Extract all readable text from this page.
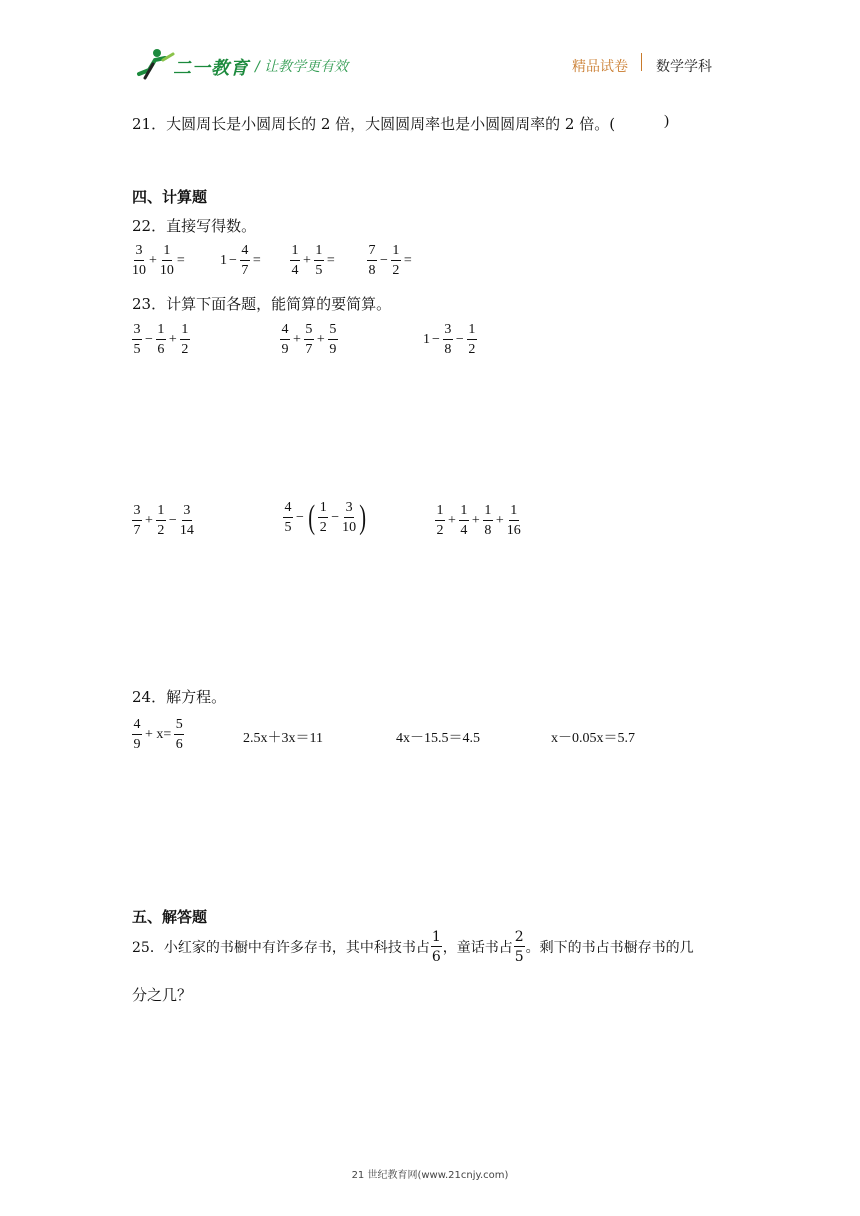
二一教育 / 让教学更有效	精品试卷 数学学科
21．大圆周长是小圆周长的 2 倍，大圆圆周率也是小圆圆周率的 2 倍。(	)
四、计算题
22．直接写得数。
$\frac{3}{10} + \frac{1}{10}$ =	$1 - \frac{4}{7} = \frac{1}{4} + \frac{1}{5} = \frac{7}{8} - \frac{1}{2}$ =
23．计算下面各题，能简算的要简算。
$\frac{3}{5} - \frac{1}{6} + \frac{1}{2}$	$\frac{4}{9} + \frac{5}{7} + \frac{5}{9}$	$1 - \frac{3}{8} - \frac{1}{2}$
$\frac{3}{7} + \frac{1}{2} - \frac{3}{14}$	$\frac{4}{5}$ − ( $\frac{1}{2} - \frac{3}{10}$ )	$\frac{1}{2} + \frac{1}{4} + \frac{1}{8} + \frac{1}{16}$
24．解方程。
$\frac{4}{9} + x= \frac{5}{6}$	2.5x＋3x＝11	4x－15.5＝4.5	x－0.05x＝5.7
五、解答题
25．小红家的书橱中有许多存书，其中科技书占 $\frac{1}{6}$ ，童话书占 $\frac{2}{5}$ 。剩下的书占书橱存书的几
分之几？
21 世纪教育网(www.21cnjy.com)
